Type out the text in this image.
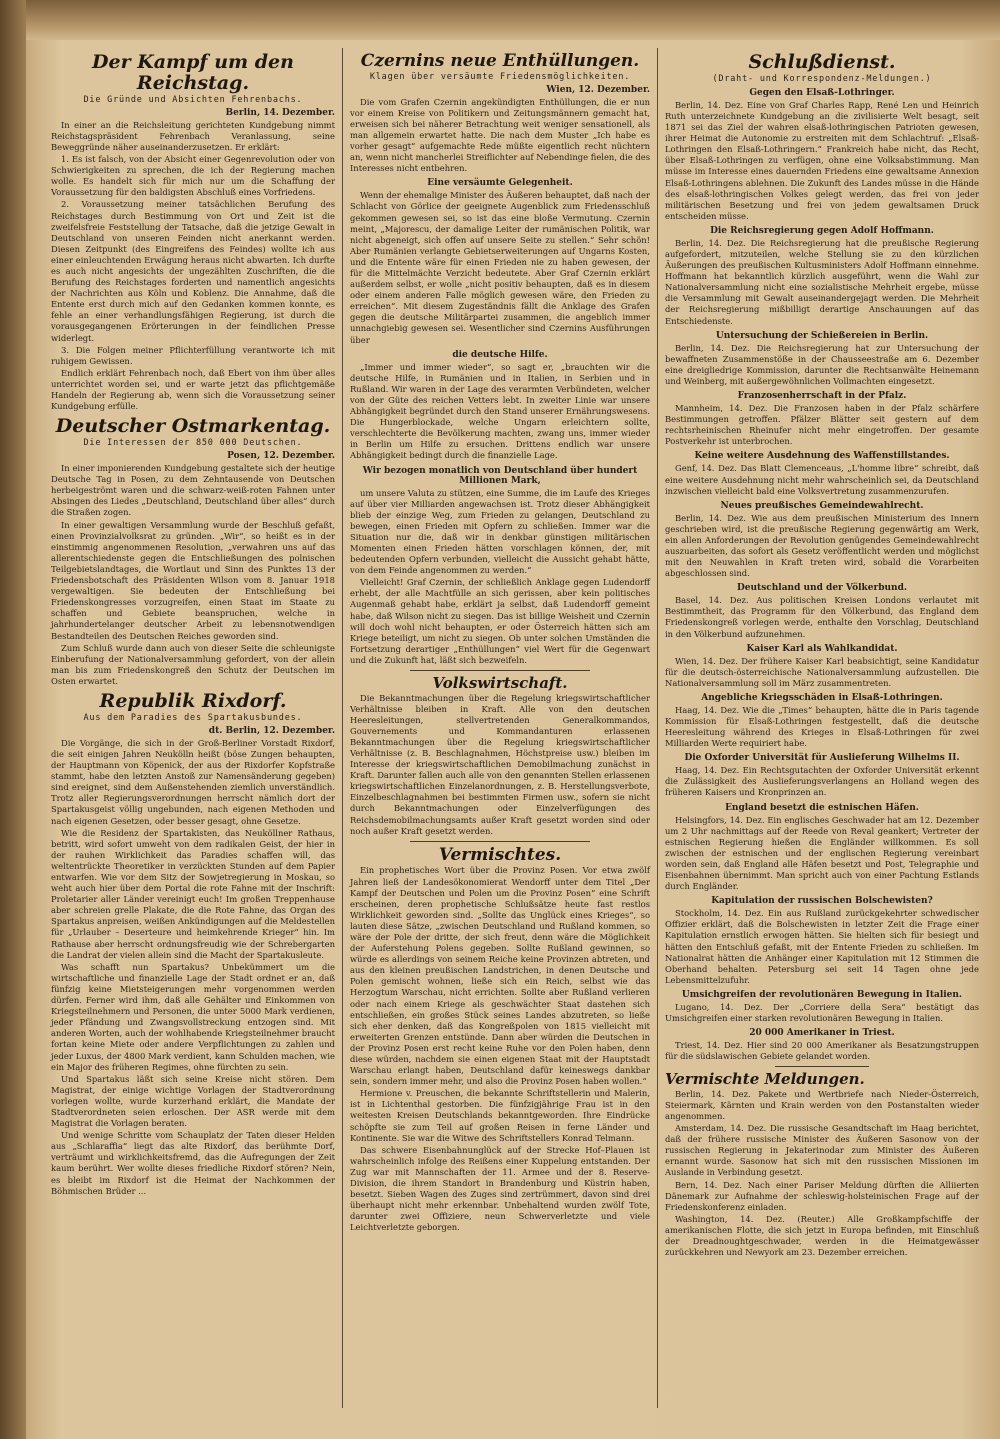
Der Kampf um den Reichstag.
Die Gründe und Absichten Fehrenbachs.
Berlin, 14. Dezember.

In einer an die Reichsleitung gerichteten Kundgebung nimmt Reichstagspräsident Fehrenbach Veranlassung, seine Beweggründe näher auseinanderzusetzen. Er erklärt:

1. Es ist falsch, von der Absicht einer Gegenrevolution oder von Schwierigkeiten zu sprechen, die ich der Regierung machen wolle. Es handelt sich für mich nur um die Schaffung der Voraussetzung für den baldigsten Abschluß eines Vorfriedens.

2. Voraussetzung meiner tatsächlichen Berufung des Reichstages durch Bestimmung von Ort und Zeit ist die zweifelsfreie Feststellung der Tatsache, daß die jetzige Gewalt in Deutschland von unseren Feinden nicht anerkannt werden. Diesen Zeitpunkt (des Eingreifens des Feindes) wollte ich aus einer einleuchtenden Erwägung heraus nicht abwarten. Ich durfte es auch nicht angesichts der ungezählten Zuschriften, die die Berufung des Reichstages forderten und namentlich angesichts der Nachrichten aus Köln und Koblenz. Die Annahme, daß die Entente erst durch mich auf den Gedanken kommen konnte, es fehle an einer verhandlungsfähigen Regierung, ist durch die vorausgegangenen Erörterungen in der feindlichen Presse widerlegt.

3. Die Folgen meiner Pflichterfüllung verantworte ich mit ruhigem Gewissen.

Endlich erklärt Fehrenbach noch, daß Ebert von ihm über alles unterrichtet worden sei, und er warte jetzt das pflichtgemäße Handeln der Regierung ab, wenn sich die Voraussetzung seiner Kundgebung erfülle.

Deutscher Ostmarkentag.
Die Interessen der 850 000 Deutschen.
Posen, 12. Dezember.

In einer imponierenden Kundgebung gestaltete sich der heutige Deutsche Tag in Posen, zu dem Zehntausende von Deutschen herbeigeströmt waren und die schwarz-weiß-roten Fahnen unter Absingen des Liedes „Deutschland, Deutschland über alles“ durch die Straßen zogen.

In einer gewaltigen Versammlung wurde der Beschluß gefaßt, einen Provinzialvolksrat zu gründen. „Wir“, so heißt es in der einstimmig angenommenen Resolution, „verwahren uns auf das allerentschiedenste gegen die Entschließungen des polnischen Teilgebietslandtages, die Wortlaut und Sinn des Punktes 13 der Friedensbotschaft des Präsidenten Wilson vom 8. Januar 1918 vergewaltigen. Sie bedeuten der Entschließung bei Friedenskongresses vorzugreifen, einen Staat im Staate zu schaffen und Gebiete beanspruchen, welche in jahrhundertelanger deutscher Arbeit zu lebensnotwendigen Bestandteilen des Deutschen Reiches geworden sind.

Zum Schluß wurde dann auch von dieser Seite die schleunigste Einberufung der Nationalversammlung gefordert, von der allein man bis zum Friedenskongreß den Schutz der Deutschen im Osten erwartet.

Republik Rixdorf.
Aus dem Paradies des Spartakusbundes.
dt. Berlin, 12. Dezember.

Die Vorgänge, die sich in der Groß-Berliner Vorstadt Rixdorf, die seit einigen Jahren Neukölln heißt (böse Zungen behaupten, der Hauptmann von Köpenick, der aus der Rixdorfer Kopfstraße stammt, habe den letzten Anstoß zur Namensänderung gegeben) sind ereignet, sind dem Außenstehenden ziemlich unverständlich. Trotz aller Regierungsverordnungen herrscht nämlich dort der Spartakusgeist völlig ungebunden, nach eigenen Methoden und nach eigenen Gesetzen, oder besser gesagt, ohne Gesetze.

Wie die Residenz der Spartakisten, das Neuköllner Rathaus, betritt, wird sofort umweht von dem radikalen Geist, der hier in der rauhen Wirklichkeit das Paradies schaffen will, das weltentrückte Theoretiker in verzückten Stunden auf dem Papier entwarfen. Wie vor dem Sitz der Sowjetregierung in Moskau, so weht auch hier über dem Portal die rote Fahne mit der Inschrift: Proletarier aller Länder vereinigt euch! Im großen Treppenhause aber schreien grelle Plakate, die die Rote Fahne, das Organ des Spartakus anpreisen, weißen Ankündigungen auf die Meldestellen für „Urlauber – Deserteure und heimkehrende Krieger“ hin. Im Rathause aber herrscht ordnungsfreudig wie der Schrebergarten die Landrat der vielen allein sind die Macht der Spartakusleute.

Was schafft nun Spartakus? Unbekümmert um die wirtschaftliche und finanzielle Lage der Stadt ordnet er an, daß fünfzig keine Mietsteigerungen mehr vorgenommen werden dürfen. Ferner wird ihm, daß alle Gehälter und Einkommen von Kriegsteilnehmern und Personen, die unter 5000 Mark verdienen, jeder Pfändung und Zwangsvollstreckung entzogen sind. Mit anderen Worten, auch der wohlhabende Kriegsteilnehmer braucht fortan keine Miete oder andere Verpflichtungen zu zahlen und jeder Luxus, der 4800 Mark verdient, kann Schulden machen, wie ein Major des früheren Regimes, ohne fürchten zu sein.

Und Spartakus läßt sich seine Kreise nicht stören. Dem Magistrat, der einige wichtige Vorlagen der Stadtverordnung vorlegen wollte, wurde kurzerhand erklärt, die Mandate der Stadtverordneten seien erloschen. Der ASR werde mit dem Magistrat die Vorlagen beraten.

Und wenige Schritte vom Schauplatz der Taten dieser Helden aus „Schlaraffia“ liegt das alte Rixdorf, das berühmte Dorf, verträumt und wirklichkeitsfremd, das die Aufregungen der Zeit kaum berührt. Wer wollte dieses friedliche Rixdorf stören? Nein, es bleibt im Rixdorf ist die Heimat der Nachkommen der Böhmischen Brüder ...

Czernins neue Enthüllungen.
Klagen über versäumte Friedensmöglichkeiten.
Wien, 12. Dezember.

Die vom Grafen Czernin angekündigten Enthüllungen, die er nun vor einem Kreise von Politikern und Zeitungsmännern gemacht hat, erweisen sich bei näherer Betrachtung weit weniger sensationell, als man allgemein erwartet hatte. Die nach dem Muster „Ich habe es vorher gesagt“ aufgemachte Rede müßte eigentlich recht nüchtern an, wenn nicht mancherlei Streiflichter auf Nebendinge fielen, die des Interesses nicht entbehren.

Eine versäumte Gelegenheit.

Wenn der ehemalige Minister des Äußeren behauptet, daß nach der Schlacht von Görlice der geeignete Augenblick zum Friedensschluß gekommen gewesen sei, so ist das eine bloße Vermutung. Czernin meint, „Majorescu, der damalige Leiter der rumänischen Politik, war nicht abgeneigt, sich offen auf unsere Seite zu stellen.“ Sehr schön! Aber Rumänien verlangte Gebietserweiterungen auf Ungarns Kosten, und die Entente wäre für einen Frieden nie zu haben gewesen, der für die Mittelmächte Verzicht bedeutete. Aber Graf Czernin erklärt außerdem selbst, er wolle „nicht positiv behaupten, daß es in diesem oder einem anderen Falle möglich gewesen wäre, den Frieden zu erreichen“. Mit diesem Zugeständnis fällt die Anklage des Grafen gegen die deutsche Militärpartei zusammen, die angeblich immer unnachgiebig gewesen sei. Wesentlicher sind Czernins Ausführungen über

die deutsche Hilfe.

„Immer und immer wieder“, so sagt er, „brauchten wir die deutsche Hilfe, in Rumänien und in Italien, in Serbien und in Rußland. Wir waren in der Lage des verarmten Verbündeten, welcher von der Güte des reichen Vetters lebt. In zweiter Linie war unsere Abhängigkeit begründet durch den Stand unserer Ernährungswesens. Die Hungerblockade, welche Ungarn erleichtern sollte, verschlechterte die Bevölkerung machten, zwang uns, immer wieder in Berlin um Hilfe zu ersuchen. Drittens endlich war unsere Abhängigkeit bedingt durch die finanzielle Lage.

Wir bezogen monatlich von Deutschland über hundert Millionen Mark,

um unsere Valuta zu stützen, eine Summe, die im Laufe des Krieges auf über vier Milliarden angewachsen ist. Trotz dieser Abhängigkeit blieb der einzige Weg, zum Frieden zu gelangen, Deutschland zu bewegen, einen Frieden mit Opfern zu schließen. Immer war die Situation nur die, daß wir in denkbar günstigen militärischen Momenten einen Frieden hätten vorschlagen können, der, mit bedeutenden Opfern verbunden, vielleicht die Aussicht gehabt hätte, von dem Feinde angenommen zu werden.“

Vielleicht! Graf Czernin, der schließlich Anklage gegen Ludendorff erhebt, der alle Machtfülle an sich gerissen, aber kein politisches Augenmaß gehabt habe, erklärt ja selbst, daß Ludendorff gemeint habe, daß Wilson nicht zu siegen. Das ist billige Weisheit und Czernin will doch wohl nicht behaupten, er oder Österreich hätten sich am Kriege beteiligt, um nicht zu siegen. Ob unter solchen Umständen die Fortsetzung derartiger „Enthüllungen“ viel Wert für die Gegenwart und die Zukunft hat, läßt sich bezweifeln.

Volkswirtschaft.

Die Bekanntmachungen über die Regelung kriegswirtschaftlicher Verhältnisse bleiben in Kraft. Alle von den deutschen Heeresleitungen, stellvertretenden Generalkommandos, Gouvernements und Kommandanturen erlassenen Bekanntmachungen über die Regelung kriegswirtschaftlicher Verhältnisse (z. B. Beschlagnahmen, Höchstpreise usw.) bleiben im Interesse der kriegswirtschaftlichen Demobilmachung zunächst in Kraft. Darunter fallen auch alle von den genannten Stellen erlassenen kriegswirtschaftlichen Einzelanordnungen, z. B. Herstellungsverbote, Einzelbeschlagnahmen bei bestimmten Firmen usw., sofern sie nicht durch Bekanntmachungen oder Einzelverfügungen des Reichsdemobilmachungsamts außer Kraft gesetzt worden sind oder noch außer Kraft gesetzt werden.

Vermischtes.

Ein prophetisches Wort über die Provinz Posen. Vor etwa zwölf Jahren ließ der Landesökonomierat Wendorff unter dem Titel „Der Kampf der Deutschen und Polen um die Provinz Posen“ eine Schrift erscheinen, deren prophetische Schlußsätze heute fast restlos Wirklichkeit geworden sind. „Sollte das Unglück eines Krieges“, so lauten diese Sätze, „zwischen Deutschland und Rußland kommen, so wäre der Pole der dritte, der sich freut, denn wäre die Möglichkeit der Auferstehung Polens gegeben. Sollte Rußland gewinnen, so würde es allerdings von seinem Reiche keine Provinzen abtreten, und aus den kleinen preußischen Landstrichen, in denen Deutsche und Polen gemischt wohnen, ließe sich ein Reich, selbst wie das Herzogtum Warschau, nicht errichten. Sollte aber Rußland verlieren oder nach einem Kriege als geschwächter Staat dastehen sich entschließen, ein großes Stück seines Landes abzutreten, so ließe sich eher denken, daß das Kongreßpolen von 1815 vielleicht mit erweiterten Grenzen entstünde. Dann aber würden die Deutschen in der Provinz Posen erst recht keine Ruhe vor den Polen haben, denn diese würden, nachdem sie einen eigenen Staat mit der Hauptstadt Warschau erlangt haben, Deutschland dafür keineswegs dankbar sein, sondern immer mehr, und also die Provinz Posen haben wollen.“

Hermione v. Preuschen, die bekannte Schriftstellerin und Malerin, ist in Lichtenthal gestorben. Die fünfzigjährige Frau ist in den weitesten Kreisen Deutschlands bekanntgeworden. Ihre Eindrücke schöpfte sie zum Teil auf großen Reisen in ferne Länder und Kontinente. Sie war die Witwe des Schriftstellers Konrad Telmann.

Das schwere Eisenbahnunglück auf der Strecke Hof–Plauen ist wahrscheinlich infolge des Reißens einer Kuppelung entstanden. Der Zug war mit Mannschaften der 11. Armee und der 8. Reserve-Division, die ihrem Standort in Brandenburg und Küstrin haben, besetzt. Sieben Wagen des Zuges sind zertrümmert, davon sind drei überhaupt nicht mehr erkennbar. Unbehaltend wurden zwölf Tote, darunter zwei Offiziere, neun Schwerverletzte und viele Leichtverletzte geborgen.

Schlußdienst.
(Draht- und Korrespondenz-Meldungen.)
Gegen den Elsaß-Lothringer.

Berlin, 14. Dez. Eine von Graf Charles Rapp, René Len und Heinrich Ruth unterzeichnete Kundgebung an die zivilisierte Welt besagt, seit 1871 sei das Ziel der wahren elsaß-lothringischen Patrioten gewesen, ihrer Heimat die Autonomie zu erstreiten mit dem Schlachtruf: „Elsaß-Lothringen den Elsaß-Lothringern.“ Frankreich habe nicht, das Recht, über Elsaß-Lothringen zu verfügen, ohne eine Volksabstimmung. Man müsse im Interesse eines dauernden Friedens eine gewaltsame Annexion Elsaß-Lothringens ablehnen. Die Zukunft des Landes müsse in die Hände des elsaß-lothringischen Volkes gelegt werden, das frei von jeder militärischen Besetzung und frei von jedem gewaltsamen Druck entscheiden müsse.

Die Reichsregierung gegen Adolf Hoffmann.

Berlin, 14. Dez. Die Reichsregierung hat die preußische Regierung aufgefordert, mitzuteilen, welche Stellung sie zu den kürzlichen Äußerungen des preußischen Kultusministers Adolf Hoffmann einnehme. Hoffmann hat bekanntlich kürzlich ausgeführt, wenn die Wahl zur Nationalversammlung nicht eine sozialistische Mehrheit ergebe, müsse die Versammlung mit Gewalt auseinandergejagt werden. Die Mehrheit der Reichsregierung mißbilligt derartige Anschauungen auf das Entschiedenste.

Untersuchung der Schießereien in Berlin.

Berlin, 14. Dez. Die Reichsregierung hat zur Untersuchung der bewaffneten Zusammenstöße in der Chausseestraße am 6. Dezember eine dreigliedrige Kommission, darunter die Rechtsanwälte Heinemann und Weinberg, mit außergewöhnlichen Vollmachten eingesetzt.

Franzosenherrschaft in der Pfalz.

Mannheim, 14. Dez. Die Franzosen haben in der Pfalz schärfere Bestimmungen getroffen. Pfälzer Blätter seit gestern auf dem rechtsrheinischen Rheinufer nicht mehr eingetroffen. Der gesamte Postverkehr ist unterbrochen.

Keine weitere Ausdehnung des Waffenstillstandes.

Genf, 14. Dez. Das Blatt Clemenceaus, „L'homme libre“ schreibt, daß eine weitere Ausdehnung nicht mehr wahrscheinlich sei, da Deutschland inzwischen vielleicht bald eine Volksvertretung zusammenzurufen.

Neues preußisches Gemeindewahlrecht.

Berlin, 14. Dez. Wie aus dem preußischen Ministerium des Innern geschrieben wird, ist die preußische Regierung gegenwärtig am Werk, ein allen Anforderungen der Revolution genügendes Gemeindewahlrecht auszuarbeiten, das sofort als Gesetz veröffentlicht werden und möglichst mit den Neuwahlen in Kraft treten wird, sobald die Vorarbeiten abgeschlossen sind.

Deutschland und der Völkerbund.

Basel, 14. Dez. Aus politischen Kreisen Londons verlautet mit Bestimmtheit, das Programm für den Völkerbund, das England dem Friedenskongreß vorlegen werde, enthalte den Vorschlag, Deutschland in den Völkerbund aufzunehmen.

Kaiser Karl als Wahlkandidat.

Wien, 14. Dez. Der frühere Kaiser Karl beabsichtigt, seine Kandidatur für die deutsch-österreichische Nationalversammlung aufzustellen. Die Nationalversammlung soll im März zusammentreten.

Angebliche Kriegsschäden in Elsaß-Lothringen.

Haag, 14. Dez. Wie die „Times“ behaupten, hätte die in Paris tagende Kommission für Elsaß-Lothringen festgestellt, daß die deutsche Heeresleitung während des Krieges in Elsaß-Lothringen für zwei Milliarden Werte requiriert habe.

Die Oxforder Universität für Auslieferung Wilhelms II.

Haag, 14. Dez. Ein Rechtsgutachten der Oxforder Universität erkennt die Zulässigkeit des Auslieferungsverlangens an Holland wegen des früheren Kaisers und Kronprinzen an.

England besetzt die estnischen Häfen.

Helsingfors, 14. Dez. Ein englisches Geschwader hat am 12. Dezember um 2 Uhr nachmittags auf der Reede von Reval geankert; Vertreter der estnischen Regierung hießen die Engländer willkommen. Es soll zwischen der estnischen und der englischen Regierung vereinbart worden sein, daß England alle Häfen besetzt und Post, Telegraphie und Eisenbahnen übernimmt. Man spricht auch von einer Pachtung Estlands durch Engländer.

Kapitulation der russischen Bolschewisten?

Stockholm, 14. Dez. Ein aus Rußland zurückgekehrter schwedischer Offizier erklärt, daß die Bolschewisten in letzter Zeit die Frage einer Kapitulation ernstlich erwogen hätten. Sie hielten sich für besiegt und hätten den Entschluß gefaßt, mit der Entente Frieden zu schließen. Im Nationalrat hätten die Anhänger einer Kapitulation mit 12 Stimmen die Oberhand behalten. Petersburg sei seit 14 Tagen ohne jede Lebensmittelzufuhr.

Umsichgreifen der revolutionären Bewegung in Italien.

Lugano, 14. Dez. Der „Corriere della Sera“ bestätigt das Umsichgreifen einer starken revolutionären Bewegung in Italien.

20 000 Amerikaner in Triest.

Triest, 14. Dez. Hier sind 20 000 Amerikaner als Besatzungstruppen für die südslawischen Gebiete gelandet worden.

Vermischte Meldungen.

Berlin, 14. Dez. Pakete und Wertbriefe nach Nieder-Österreich, Steiermark, Kärnten und Krain werden von den Postanstalten wieder angenommen.

Amsterdam, 14. Dez. Die russische Gesandtschaft im Haag berichtet, daß der frühere russische Minister des Äußeren Sasonow von der russischen Regierung in Jekaterinodar zum Minister des Äußeren ernannt wurde. Sasonow hat sich mit den russischen Missionen im Auslande in Verbindung gesetzt.

Bern, 14. Dez. Nach einer Pariser Meldung dürften die Alliierten Dänemark zur Aufnahme der schleswig-holsteinischen Frage auf der Friedenskonferenz einladen.

Washington, 14. Dez. (Reuter.) Alle Großkampfschiffe der amerikanischen Flotte, die sich jetzt in Europa befinden, mit Einschluß der Dreadnoughtgeschwader, werden in die Heimatgewässer zurückkehren und Newyork am 23. Dezember erreichen.
